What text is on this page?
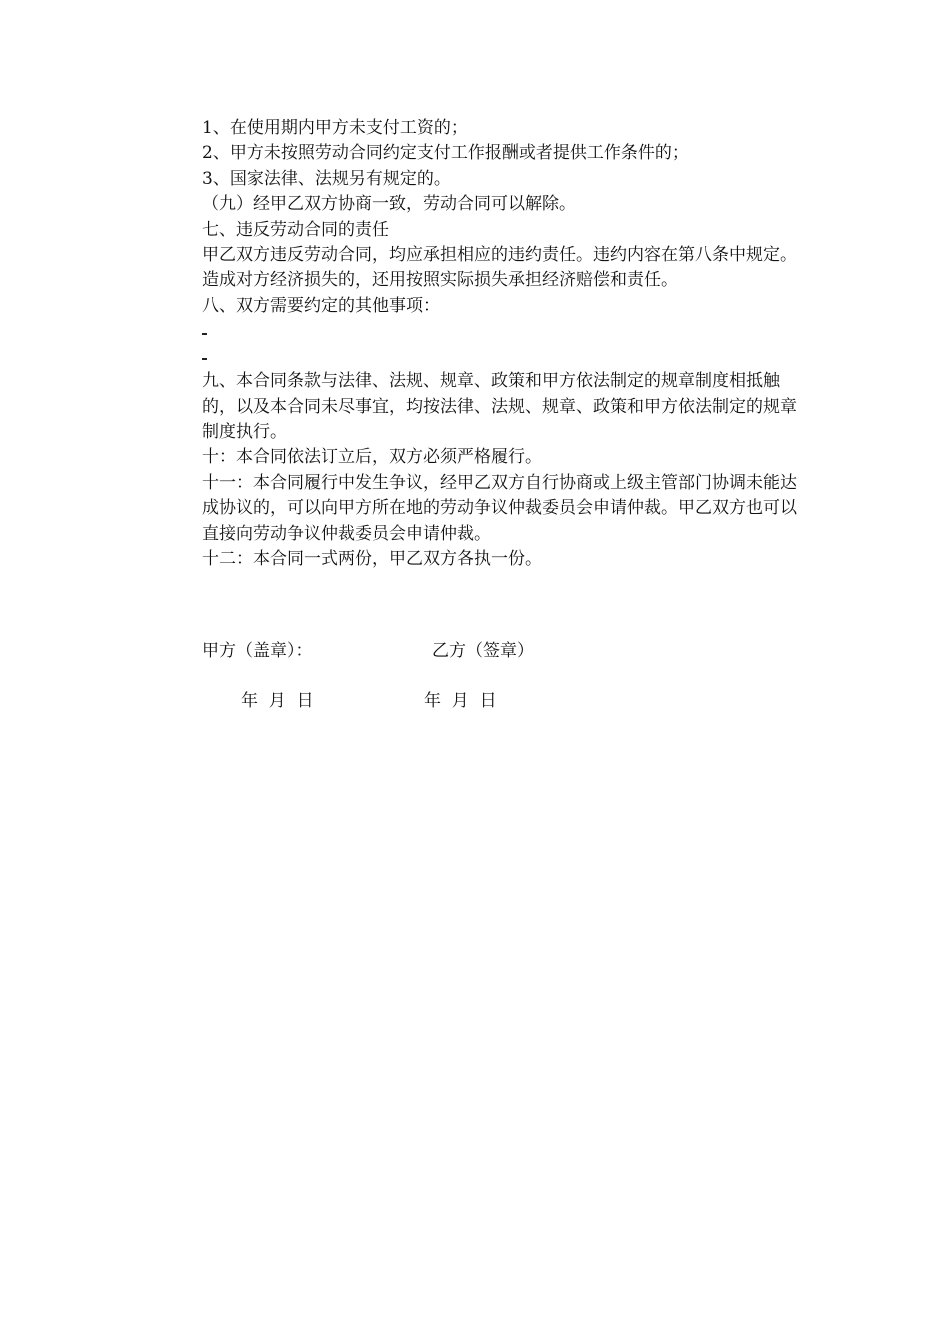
1、在使用期内甲方未支付工资的；

2、甲方未按照劳动合同约定支付工作报酬或者提供工作条件的；

3、国家法律、法规另有规定的。

（九）经甲乙双方协商一致，劳动合同可以解除。

七、违反劳动合同的责任

甲乙双方违反劳动合同，均应承担相应的违约责任。违约内容在第八条中规定。造成对方经济损失的，还用按照实际损失承担经济赔偿和责任。

八、双方需要约定的其他事项：

九、本合同条款与法律、法规、规章、政策和甲方依法制定的规章制度相抵触的，以及本合同未尽事宜，均按法律、法规、规章、政策和甲方依法制定的规章制度执行。

十：本合同依法订立后，双方必须严格履行。

十一：本合同履行中发生争议，经甲乙双方自行协商或上级主管部门协调未能达成协议的，可以向甲方所在地的劳动争议仲裁委员会申请仲裁。甲乙双方也可以直接向劳动争议仲裁委员会申请仲裁。

十二：本合同一式两份，甲乙双方各执一份。

甲方（盖章）：	乙方（签章）
年  月  日	年  月  日
